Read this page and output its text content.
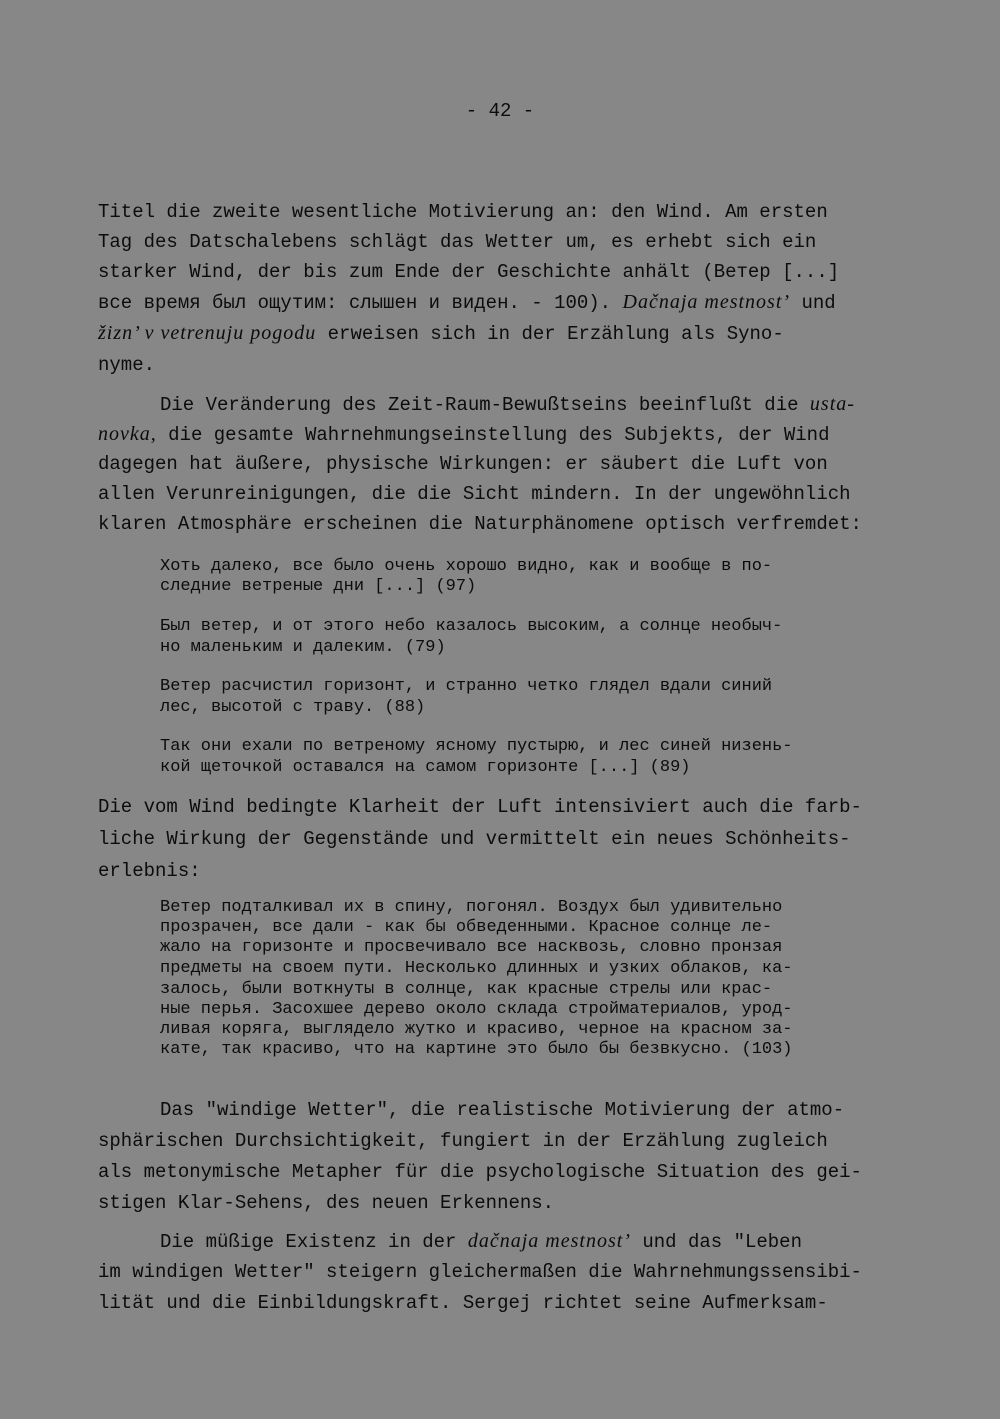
- 42 -
Titel die zweite wesentliche Motivierung an: den Wind. Am ersten
Tag des Datschalebens schlägt das Wetter um, es erhebt sich ein
starker Wind, der bis zum Ende der Geschichte anhält (Ветер [...]
все время был ощутим: слышен и виден. - 100). Dačnaja mestnost’ und
žizn’ v vetrenuju pogodu erweisen sich in der Erzählung als Syno-
nyme.
Die Veränderung des Zeit-Raum-Bewußtseins beeinflußt die usta-
novka, die gesamte Wahrnehmungseinstellung des Subjekts, der Wind
dagegen hat äußere, physische Wirkungen: er säubert die Luft von
allen Verunreinigungen, die die Sicht mindern. In der ungewöhnlich
klaren Atmosphäre erscheinen die Naturphänomene optisch verfremdet:
Хоть далеко, все было очень хорошо видно, как и вообще в по-
следние ветреные дни [...] (97)
Был ветер, и от этого небо казалось высоким, а солнце необыч-
но маленьким и далеким. (79)
Ветер расчистил горизонт, и странно четко глядел вдали синий
лес, высотой с траву. (88)
Так они ехали по ветреному ясному пустырю, и лес синей низень-
кой щеточкой оставался на самом горизонте [...] (89)
Die vom Wind bedingte Klarheit der Luft intensiviert auch die farb-
liche Wirkung der Gegenstände und vermittelt ein neues Schönheits-
erlebnis:
Ветер подталкивал их в спину, погонял. Воздух был удивительно
прозрачен, все дали - как бы обведенными. Красное солнце ле-
жало на горизонте и просвечивало все насквозь, словно пронзая
предметы на своем пути. Несколько длинных и узких облаков, ка-
залось, были воткнуты в солнце, как красные стрелы или крас-
ные перья. Засохшее дерево около склада стройматериалов, урод-
ливая коряга, выглядело жутко и красиво, черное на красном за-
кате, так красиво, что на картине это было бы безвкусно. (103)
Das "windige Wetter", die realistische Motivierung der atmo-
sphärischen Durchsichtigkeit, fungiert in der Erzählung zugleich
als metonymische Metapher für die psychologische Situation des gei-
stigen Klar-Sehens, des neuen Erkennens.
Die müßige Existenz in der dačnaja mestnost’ und das "Leben
im windigen Wetter" steigern gleichermaßen die Wahrnehmungssensibi-
lität und die Einbildungskraft. Sergej richtet seine Aufmerksam-
